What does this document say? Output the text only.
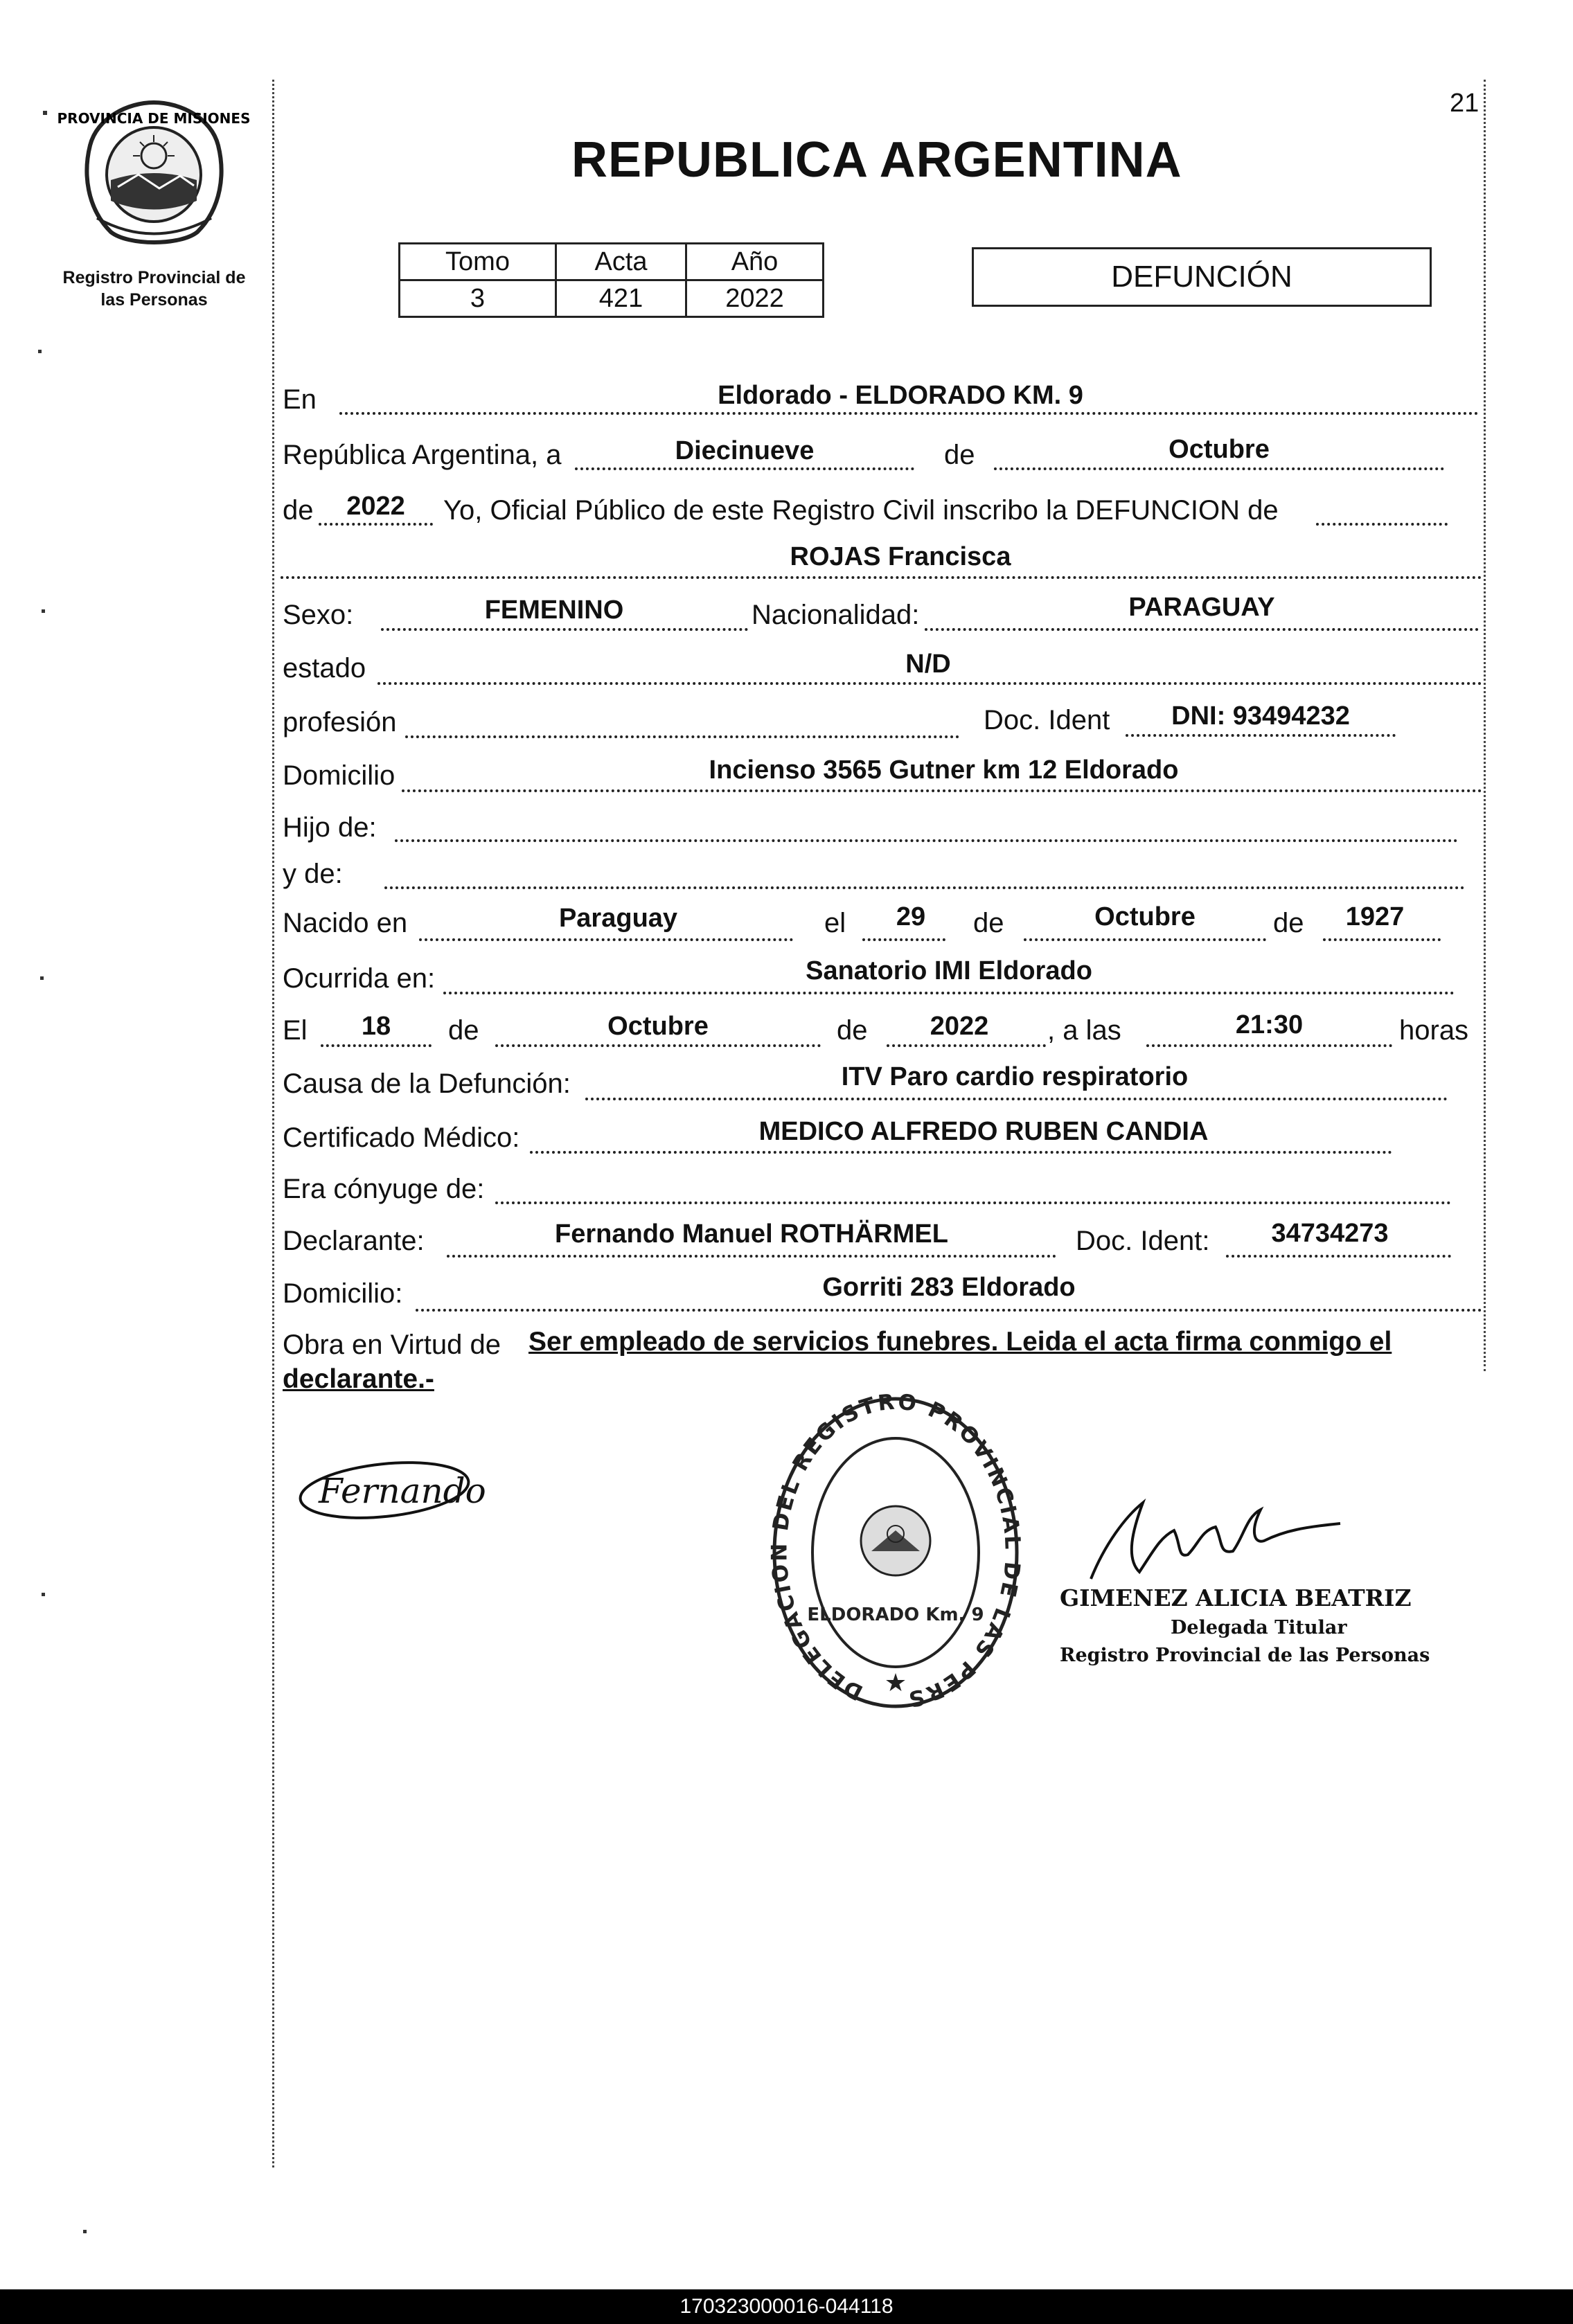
21
PROVINCIA DE MISIONES
Registro Provincial de las Personas
REPUBLICA ARGENTINA
Tomo	Acta	Año
3	421	2022
DEFUNCIÓN
En	Eldorado - ELDORADO KM. 9
República Argentina, a	Diecinueve	de	Octubre
de	2022	Yo, Oficial Público de este Registro Civil inscribo la DEFUNCION de
ROJAS Francisca
Sexo:	FEMENINO	Nacionalidad:	PARAGUAY
estado	N/D
profesión	Doc. Ident	DNI: 93494232
Domicilio	Incienso 3565 Gutner km 12 Eldorado
Hijo de:
y de:
Nacido en	Paraguay	el	29	de	Octubre	de	1927
Ocurrida en:	Sanatorio IMI Eldorado
El	18	de	Octubre	de	2022	, a las	21:30	horas
Causa de la Defunción:	ITV Paro cardio respiratorio
Certificado Médico:	MEDICO ALFREDO RUBEN CANDIA
Era cónyuge de:
Declarante:	Fernando Manuel ROTHÄRMEL	Doc. Ident:	34734273
Domicilio:	Gorriti 283 Eldorado
Obra en Virtud de Ser empleado de servicios funebres. Leida el acta firma conmigo el
declarante.-
Fernando
DELEGACION DEL REGISTRO PROVINCIAL DE LAS PERS
ELDORADO Km. 9
★
GIMENEZ ALICIA BEATRIZ
Delegada Titular
Registro Provincial de las Personas
170323000016-044118
